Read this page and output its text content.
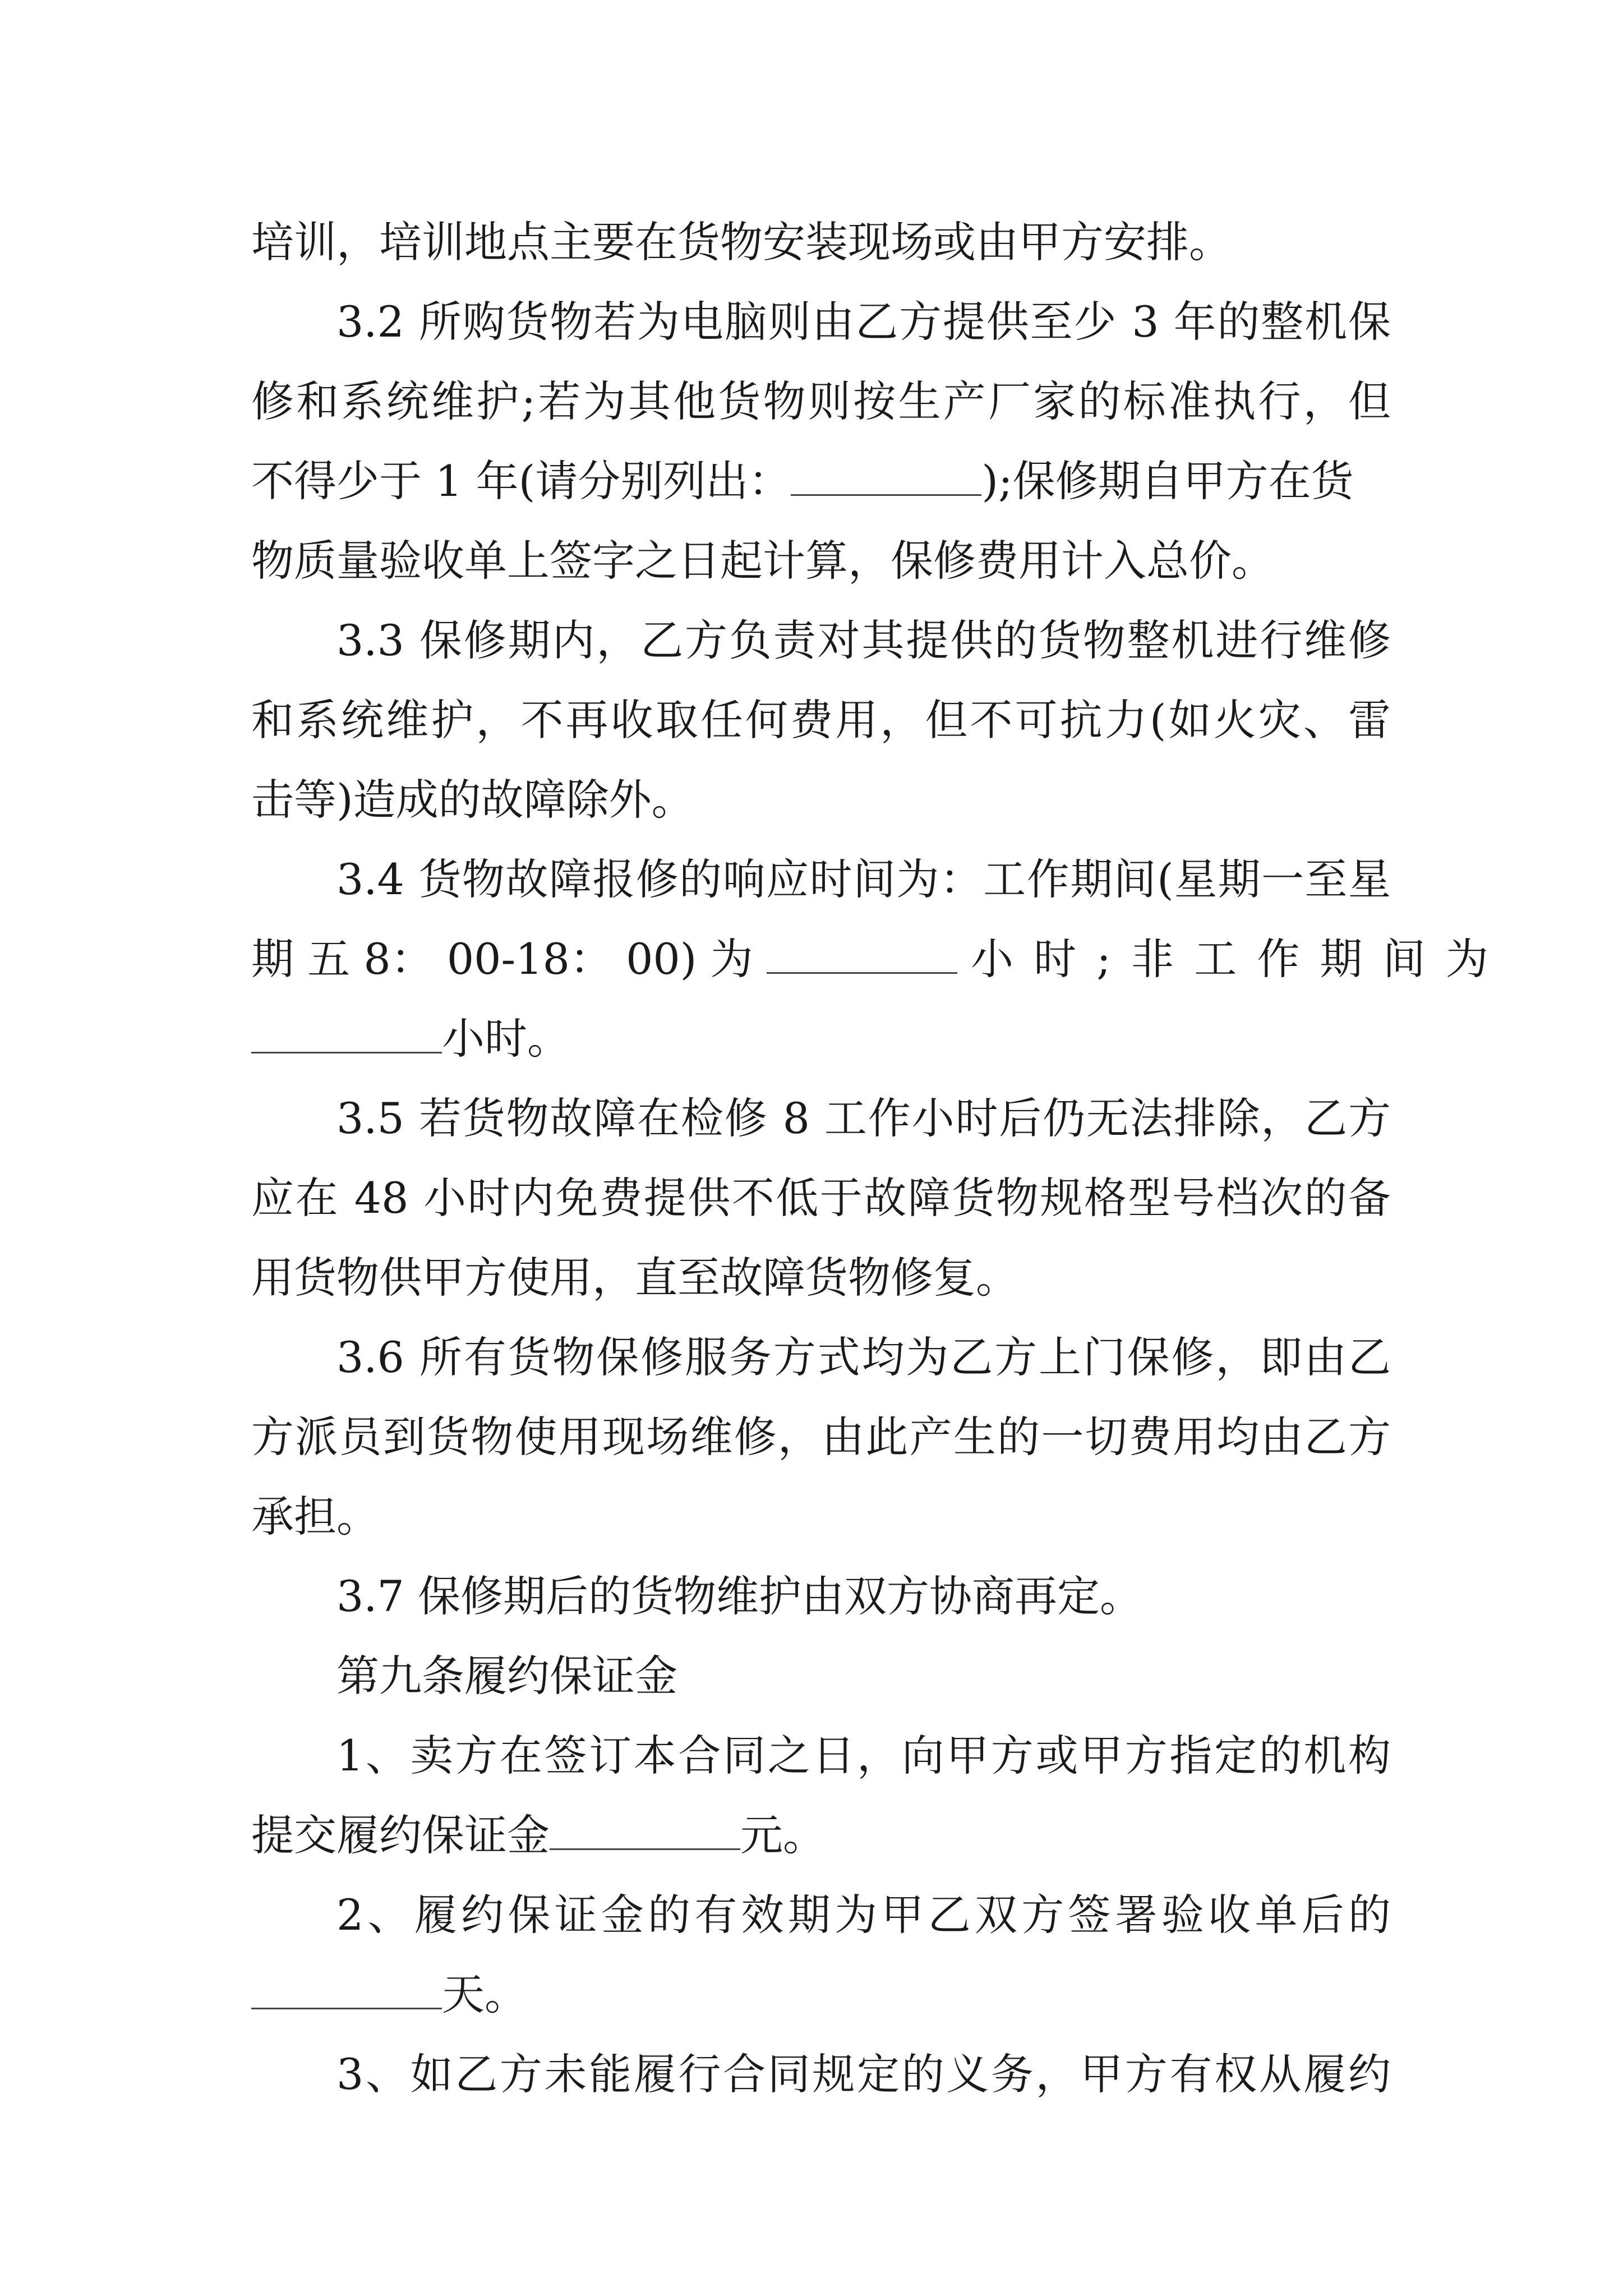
培训，培训地点主要在货物安装现场或由甲方安排。
3.2 所购货物若为电脑则由乙方提供至少 3 年的整机保
修和系统维护;若为其他货物则按生产厂家的标准执行，但
不得少于 1 年(请分别列出：	);保修期自甲方在货
物质量验收单上签字之日起计算，保修费用计入总价。
3.3 保修期内，乙方负责对其提供的货物整机进行维修
和系统维护，不再收取任何费用，但不可抗力(如火灾、雷
击等)造成的故障除外。
3.4 货物故障报修的响应时间为：工作期间(星期一至星
期 五 8： 00-18： 00) 为	小 时 ; 非 工 作 期 间 为
小时。
3.5 若货物故障在检修 8 工作小时后仍无法排除，乙方
应在 48 小时内免费提供不低于故障货物规格型号档次的备
用货物供甲方使用，直至故障货物修复。
3.6 所有货物保修服务方式均为乙方上门保修，即由乙
方派员到货物使用现场维修，由此产生的一切费用均由乙方
承担。
3.7 保修期后的货物维护由双方协商再定。
第九条履约保证金
1、卖方在签订本合同之日，向甲方或甲方指定的机构
提交履约保证金	元。
2、履约保证金的有效期为甲乙双方签署验收单后的
天。
3、如乙方未能履行合同规定的义务，甲方有权从履约
